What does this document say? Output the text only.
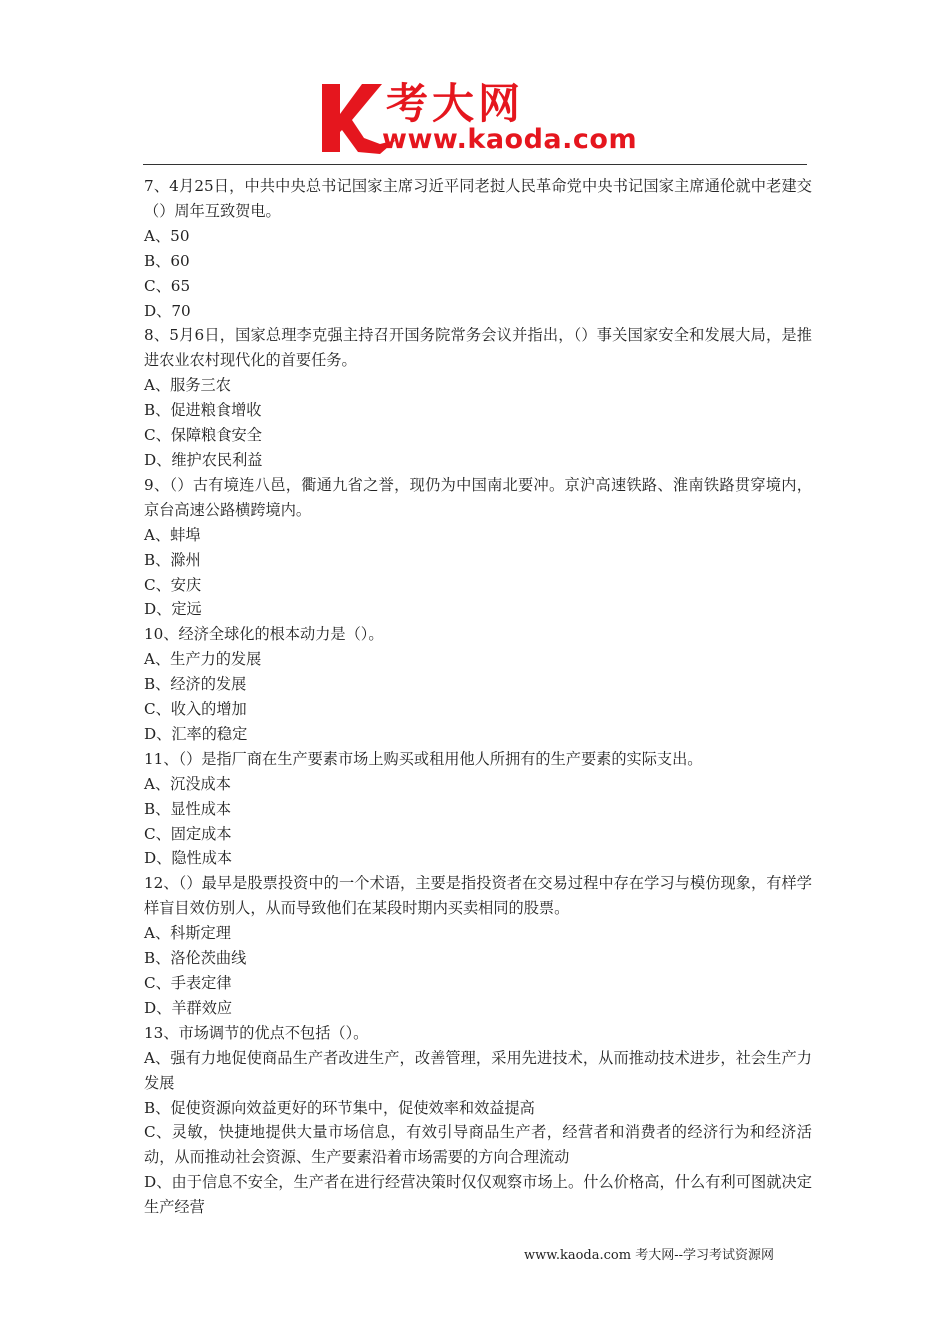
考大网
www.kaoda.com

7、4月25日，中共中央总书记国家主席习近平同老挝人民革命党中央书记国家主席通伦就中老建交（）周年互致贺电。

A、50

B、60

C、65

D、70

8、5月6日，国家总理李克强主持召开国务院常务会议并指出，（）事关国家安全和发展大局，是推进农业农村现代化的首要任务。

A、服务三农

B、促进粮食增收

C、保障粮食安全

D、维护农民利益

9、（）古有境连八邑，衢通九省之誉，现仍为中国南北要冲。京沪高速铁路、淮南铁路贯穿境内，京台高速公路横跨境内。

A、蚌埠

B、滁州

C、安庆

D、定远

10、经济全球化的根本动力是（）。

A、生产力的发展

B、经济的发展

C、收入的增加

D、汇率的稳定

11、（）是指厂商在生产要素市场上购买或租用他人所拥有的生产要素的实际支出。

A、沉没成本

B、显性成本

C、固定成本

D、隐性成本

12、（）最早是股票投资中的一个术语，主要是指投资者在交易过程中存在学习与模仿现象，有样学样盲目效仿别人，从而导致他们在某段时期内买卖相同的股票。

A、科斯定理

B、洛伦茨曲线

C、手表定律

D、羊群效应

13、市场调节的优点不包括（）。

A、强有力地促使商品生产者改进生产，改善管理，采用先进技术，从而推动技术进步，社会生产力发展

B、促使资源向效益更好的环节集中，促使效率和效益提高

C、灵敏，快捷地提供大量市场信息，有效引导商品生产者，经营者和消费者的经济行为和经济活动，从而推动社会资源、生产要素沿着市场需要的方向合理流动

D、由于信息不安全，生产者在进行经营决策时仅仅观察市场上。什么价格高，什么有利可图就决定生产经营

www.kaoda.com 考大网--学习考试资源网
